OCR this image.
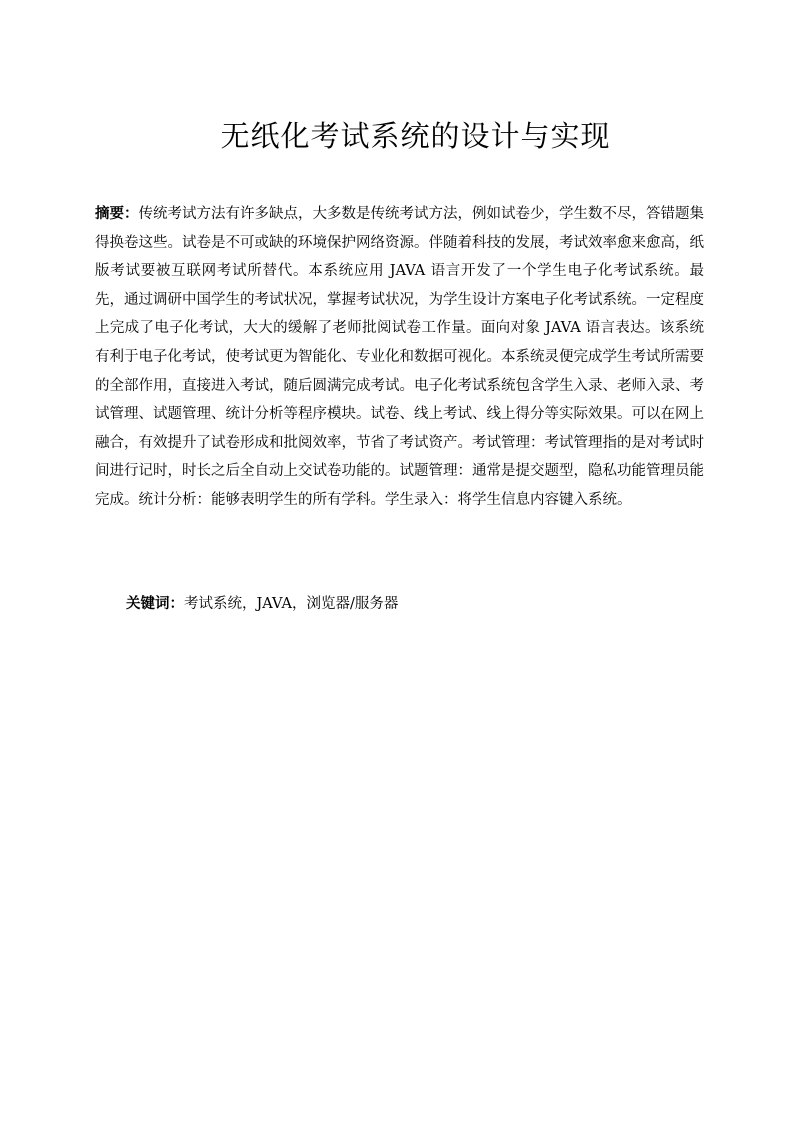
无纸化考试系统的设计与实现

摘要：传统考试方法有许多缺点，大多数是传统考试方法，例如试卷少，学生数不尽，答错题集得换卷这些。试卷是不可或缺的环境保护网络资源。伴随着科技的发展，考试效率愈来愈高，纸版考试要被互联网考试所替代。本系统应用 JAVA 语言开发了一个学生电子化考试系统。最先，通过调研中国学生的考试状况，掌握考试状况，为学生设计方案电子化考试系统。一定程度上完成了电子化考试，大大的缓解了老师批阅试卷工作量。面向对象 JAVA 语言表达。该系统有利于电子化考试，使考试更为智能化、专业化和数据可视化。本系统灵便完成学生考试所需要的全部作用，直接进入考试，随后圆满完成考试。电子化考试系统包含学生入录、老师入录、考试管理、试题管理、统计分析等程序模块。试卷、线上考试、线上得分等实际效果。可以在网上融合，有效提升了试卷形成和批阅效率，节省了考试资产。考试管理：考试管理指的是对考试时间进行记时，时长之后全自动上交试卷功能的。试题管理：通常是提交题型，隐私功能管理员能完成。统计分析：能够表明学生的所有学科。学生录入：将学生信息内容键入系统。

关键词：考试系统，JAVA，浏览器/服务器
